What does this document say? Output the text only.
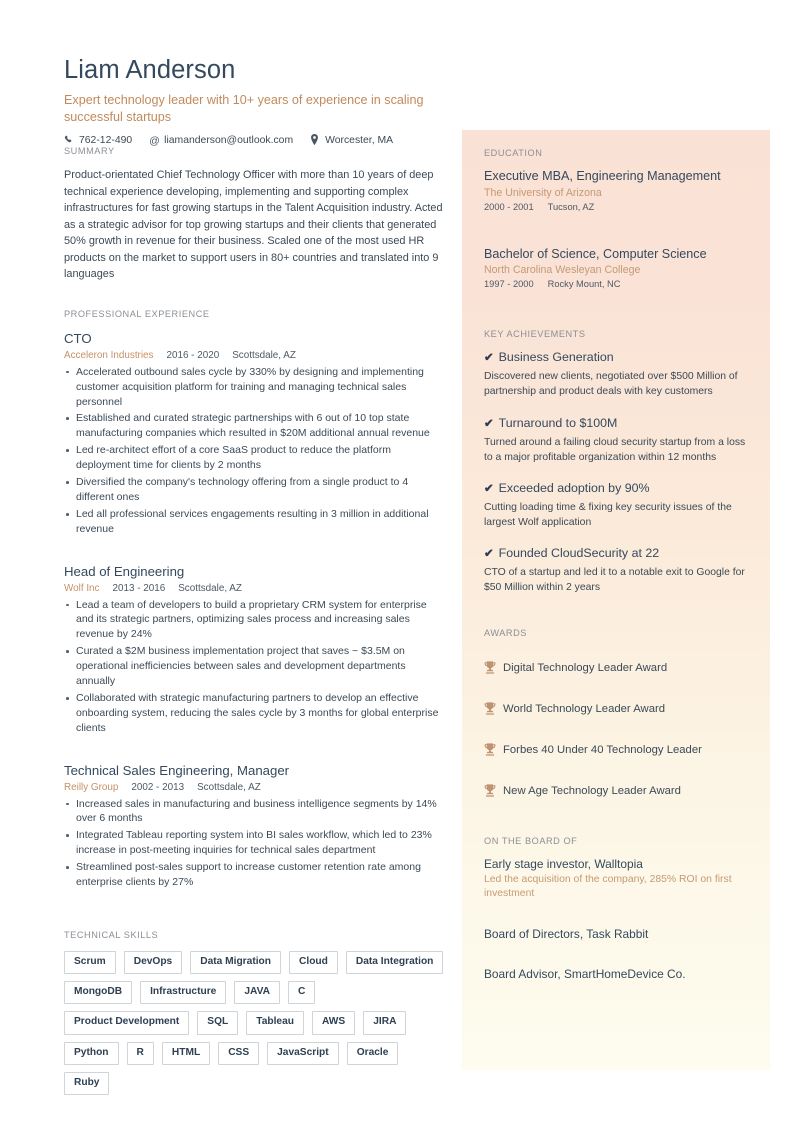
Liam Anderson
Expert technology leader with 10+ years of experience in scaling successful startups
762-12-490 @ liamanderson@outlook.com	Worcester, MA
SUMMARY
Product-orientated Chief Technology Officer with more than 10 years of deep technical experience developing, implementing and supporting complex infrastructures for fast growing startups in the Talent Acquisition industry. Acted as a strategic advisor for top growing startups and their clients that generated 50% growth in revenue for their business. Scaled one of the most used HR products on the market to support users in 80+ countries and translated into 9 languages
PROFESSIONAL EXPERIENCE
CTO
Acceleron Industries 2016 - 2020 Scottsdale, AZ
Accelerated outbound sales cycle by 330% by designing and implementing customer acquisition platform for training and managing technical sales personnel
Established and curated strategic partnerships with 6 out of 10 top state manufacturing companies which resulted in $20M additional annual revenue
Led re-architect effort of a core SaaS product to reduce the platform deployment time for clients by 2 months
Diversified the company's technology offering from a single product to 4 different ones
Led all professional services engagements resulting in 3 million in additional revenue
Head of Engineering
Wolf Inc 2013 - 2016 Scottsdale, AZ
Lead a team of developers to build a proprietary CRM system for enterprise and its strategic partners, optimizing sales process and increasing sales revenue by 24%
Curated a $2M business implementation project that saves ~ $3.5M on operational inefficiencies between sales and development departments annually
Collaborated with strategic manufacturing partners to develop an effective onboarding system, reducing the sales cycle by 3 months for global enterprise clients
Technical Sales Engineering, Manager
Reilly Group 2002 - 2013 Scottsdale, AZ
Increased sales in manufacturing and business intelligence segments by 14% over 6 months
Integrated Tableau reporting system into BI sales workflow, which led to 23% increase in post-meeting inquiries for technical sales department
Streamlined post-sales support to increase customer retention rate among enterprise clients by 27%
TECHNICAL SKILLS
Scrum	DevOps	Data Migration	Cloud	Data Integration
MongoDB	Infrastructure	JAVA	C
Product Development	SQL	Tableau	AWS	JIRA
Python	R	HTML	CSS	JavaScript	Oracle
Ruby
EDUCATION
Executive MBA, Engineering Management
The University of Arizona
2000 - 2001 Tucson, AZ
Bachelor of Science, Computer Science
North Carolina Wesleyan College
1997 - 2000 Rocky Mount, NC
KEY ACHIEVEMENTS
✔ Business Generation
Discovered new clients, negotiated over $500 Million of partnership and product deals with key customers
✔ Turnaround to $100M
Turned around a failing cloud security startup from a loss to a major profitable organization within 12 months
✔ Exceeded adoption by 90%
Cutting loading time & fixing key security issues of the largest Wolf application
✔ Founded CloudSecurity at 22
CTO of a startup and led it to a notable exit to Google for $50 Million within 2 years
AWARDS
Digital Technology Leader Award
World Technology Leader Award
Forbes 40 Under 40 Technology Leader
New Age Technology Leader Award
ON THE BOARD OF
Early stage investor, Walltopia
Led the acquisition of the company, 285% ROI on first investment
Board of Directors, Task Rabbit
Board Advisor, SmartHomeDevice Co.
